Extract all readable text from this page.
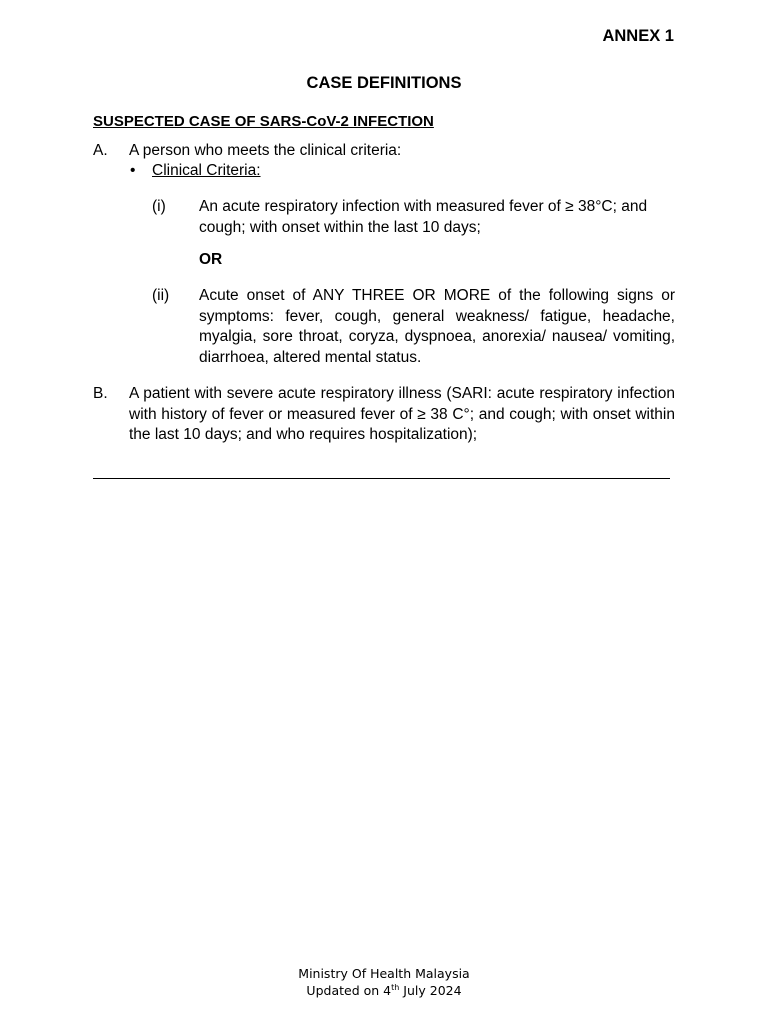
ANNEX 1
CASE DEFINITIONS
SUSPECTED CASE OF SARS-CoV-2 INFECTION
A. A person who meets the clinical criteria:
• Clinical Criteria:
(i) An acute respiratory infection with measured fever of ≥ 38°C; and cough; with onset within the last 10 days;
OR
(ii) Acute onset of ANY THREE OR MORE of the following signs or symptoms: fever, cough, general weakness/ fatigue, headache, myalgia, sore throat, coryza, dyspnoea, anorexia/ nausea/ vomiting, diarrhoea, altered mental status.
B. A patient with severe acute respiratory illness (SARI: acute respiratory infection with history of fever or measured fever of ≥ 38 C°; and cough; with onset within the last 10 days; and who requires hospitalization);
Ministry Of Health Malaysia
Updated on 4th July 2024
